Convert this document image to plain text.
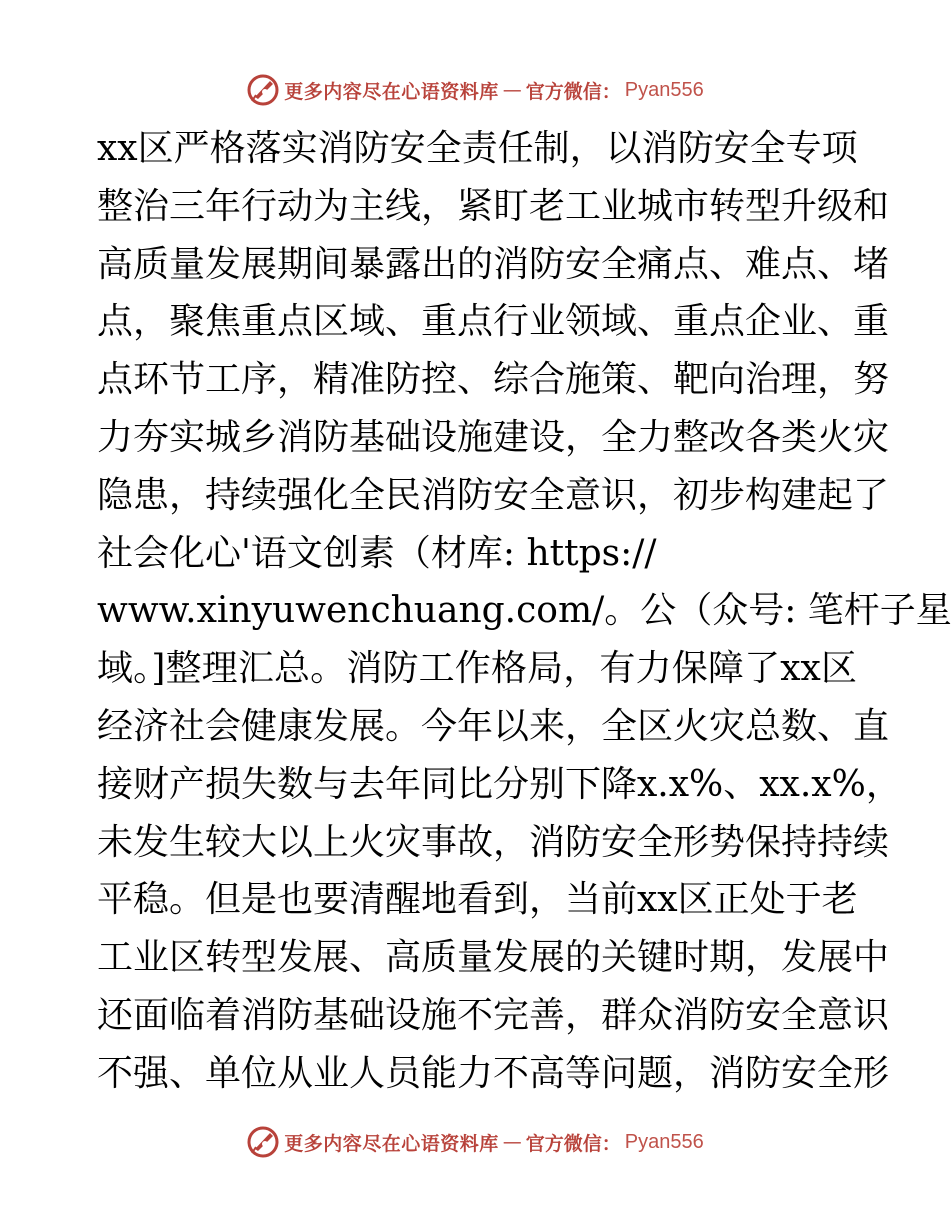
更多内容尽在心语资料库 — 官方微信： Pyan556
xx区严格落实消防安全责任制，以消防安全专项
整治三年行动为主线，紧盯老工业城市转型升级和
高质量发展期间暴露出的消防安全痛点、难点、堵
点，聚焦重点区域、重点行业领域、重点企业、重
点环节工序，精准防控、综合施策、靶向治理，努
力夯实城乡消防基础设施建设，全力整改各类火灾
隐患，持续强化全民消防安全意识，初步构建起了
社会化心'语文创素（材库: https://
www.xinyuwenchuang.com/。公（众号: 笔杆子星
域。]整理汇总。消防工作格局，有力保障了xx区
经济社会健康发展。今年以来，全区火灾总数、直
接财产损失数与去年同比分别下降x.x%、xx.x%，
未发生较大以上火灾事故，消防安全形势保持持续
平稳。但是也要清醒地看到，当前xx区正处于老
工业区转型发展、高质量发展的关键时期，发展中
还面临着消防基础设施不完善，群众消防安全意识
不强、单位从业人员能力不高等问题，消防安全形
更多内容尽在心语资料库 — 官方微信： Pyan556
